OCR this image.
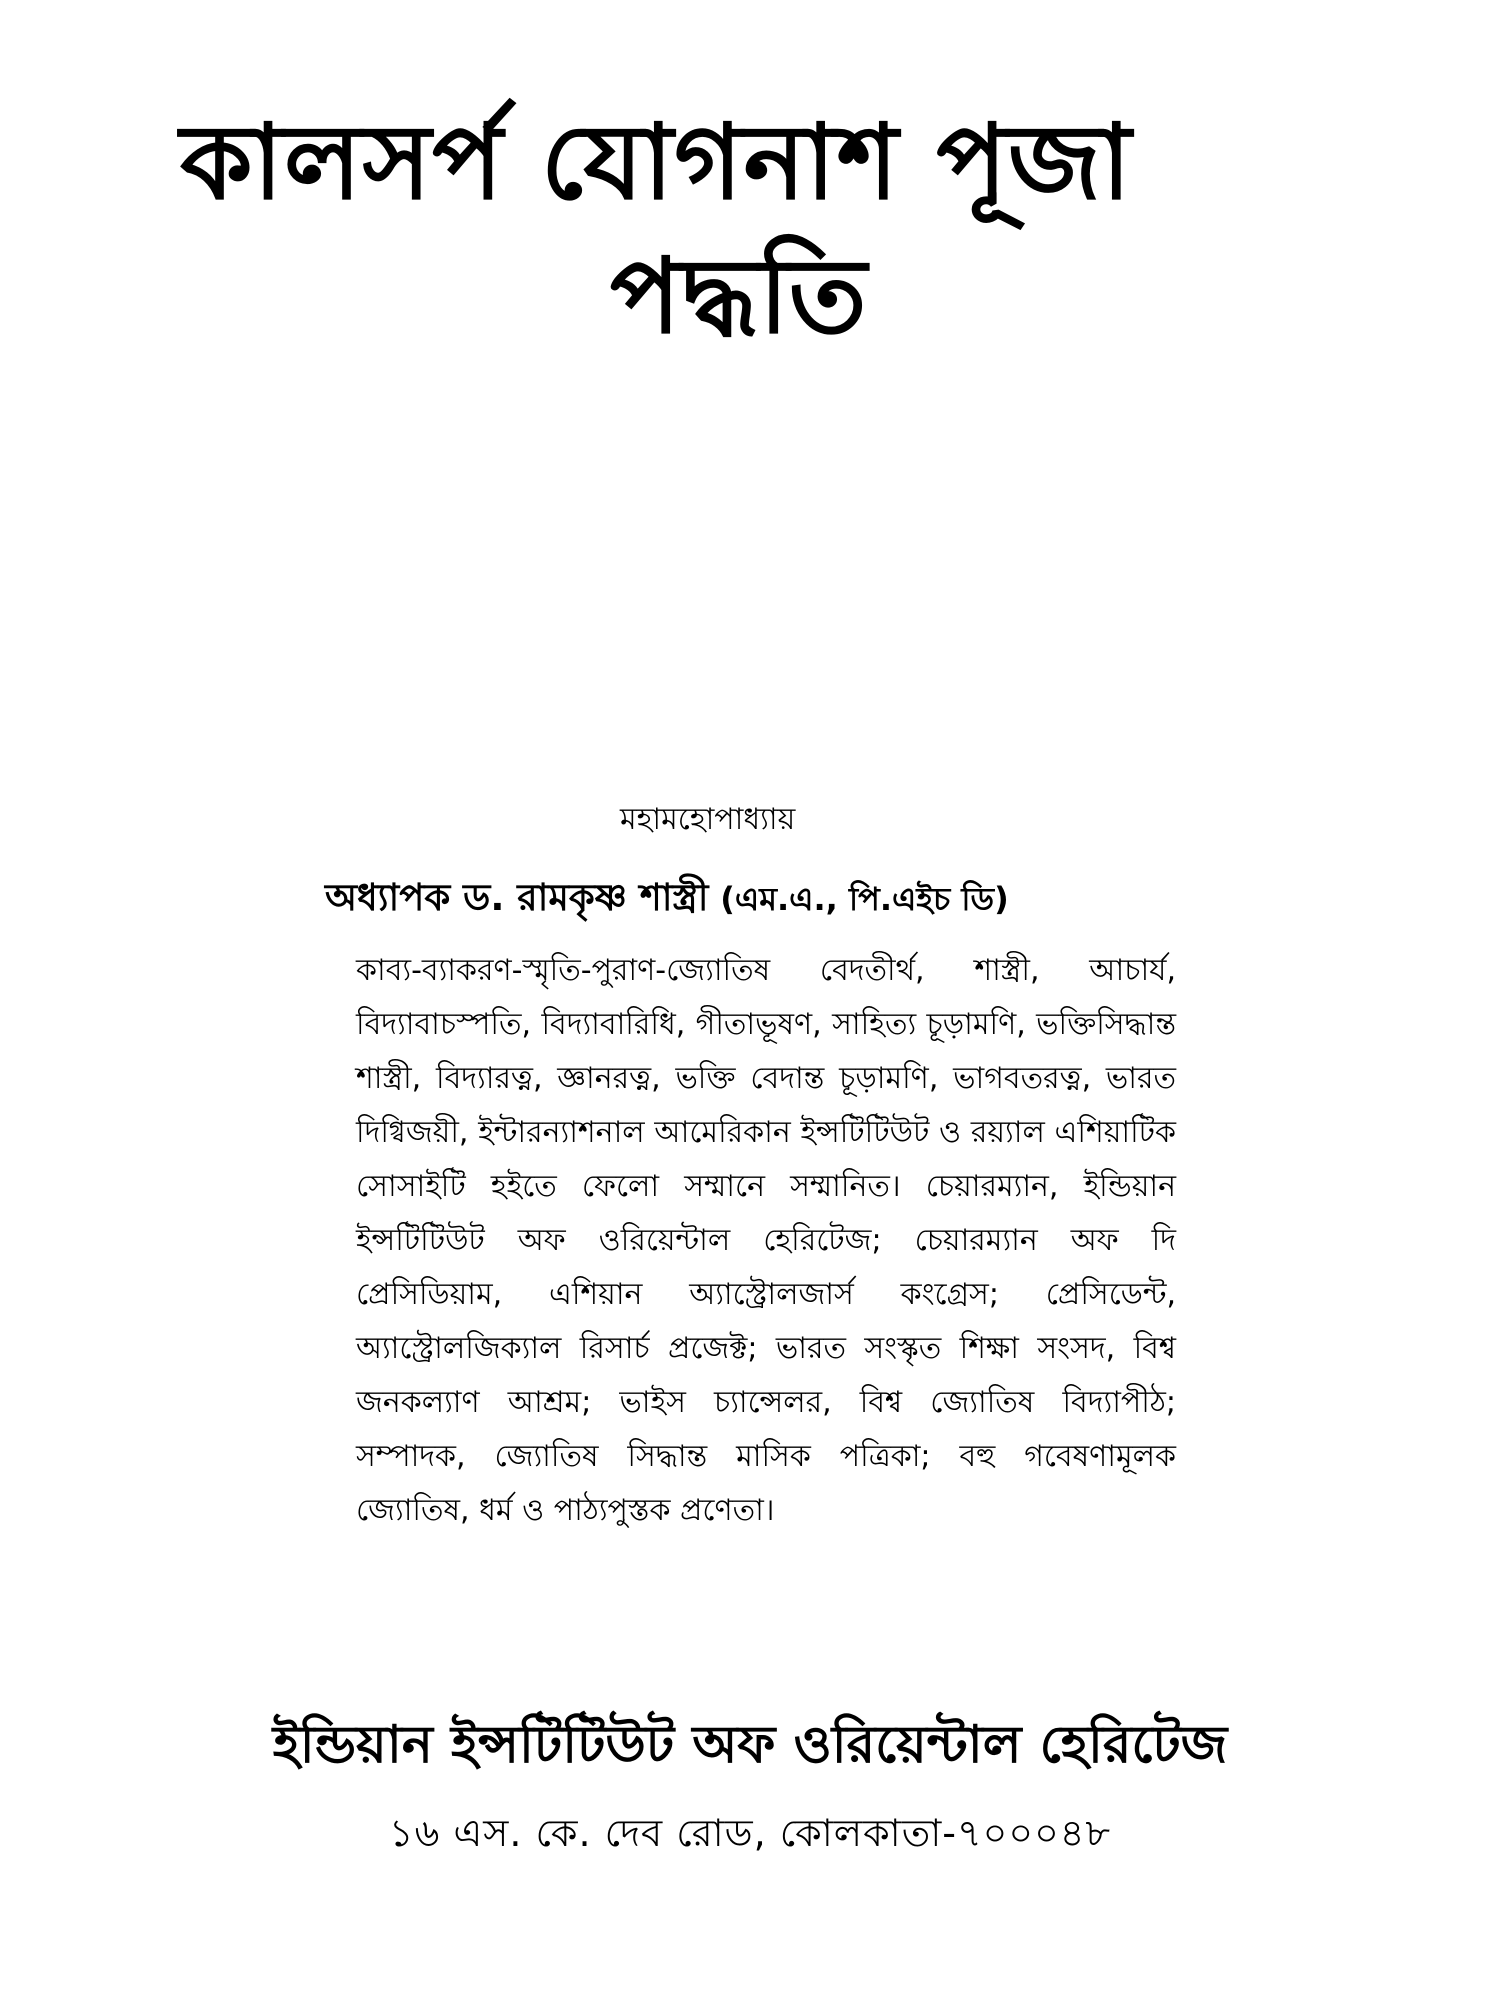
কালসর্প যোগনাশ পূজা
পদ্ধতি
মহামহোপাধ্যায়
অধ্যাপক ড. রামকৃষ্ণ শাস্ত্রী (এম.এ., পি.এইচ ডি)

কাব্য-ব্যাকরণ-স্মৃতি-পুরাণ-জ্যোতিষ বেদতীর্থ, শাস্ত্রী, আচার্য, বিদ্যাবাচস্পতি, বিদ্যাবারিধি, গীতাভূষণ, সাহিত্য চূড়ামণি, ভক্তিসিদ্ধান্ত শাস্ত্রী, বিদ্যারত্ন, জ্ঞানরত্ন, ভক্তি বেদান্ত চূড়ামণি, ভাগবতরত্ন, ভারত দিগ্বিজয়ী, ইন্টারন্যাশনাল আমেরিকান ইন্সটিটিউট ও রয়্যাল এশিয়াটিক সোসাইটি হইতে ফেলো সম্মানে সম্মানিত। চেয়ারম্যান, ইন্ডিয়ান ইন্সটিটিউট অফ ওরিয়েন্টাল হেরিটেজ; চেয়ারম্যান অফ দি প্রেসিডিয়াম, এশিয়ান অ্যাস্ট্রোলজার্স কংগ্রেস; প্রেসিডেন্ট, অ্যাস্ট্রোলজিক্যাল রিসার্চ প্রজেক্ট; ভারত সংস্কৃত শিক্ষা সংসদ, বিশ্ব জনকল্যাণ আশ্রম; ভাইস চ্যান্সেলর, বিশ্ব জ্যোতিষ বিদ্যাপীঠ; সম্পাদক, জ্যোতিষ সিদ্ধান্ত মাসিক পত্রিকা; বহু গবেষণামূলক জ্যোতিষ, ধর্ম ও পাঠ্যপুস্তক প্রণেতা।

ইন্ডিয়ান ইন্সটিটিউট অফ ওরিয়েন্টাল হেরিটেজ
১৬ এস. কে. দেব রোড, কোলকাতা-৭০০০৪৮
